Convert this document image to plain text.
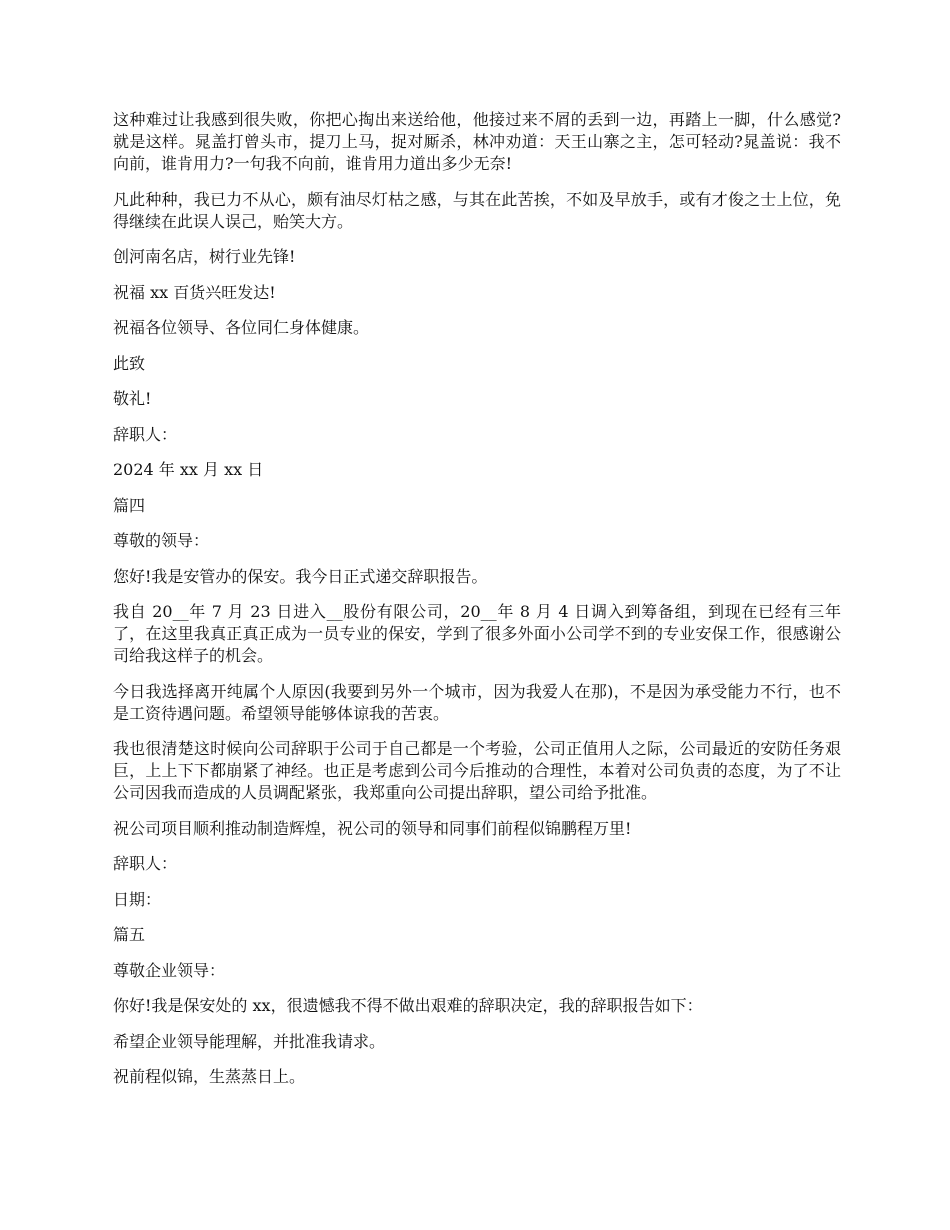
这种难过让我感到很失败，你把心掏出来送给他，他接过来不屑的丢到一边，再踏上一脚，什么感觉?就是这样。晁盖打曾头市，提刀上马，捉对厮杀，林冲劝道：天王山寨之主，怎可轻动?晁盖说：我不向前，谁肯用力?一句我不向前，谁肯用力道出多少无奈!

凡此种种，我已力不从心，颇有油尽灯枯之感，与其在此苦挨，不如及早放手，或有才俊之士上位，免得继续在此误人误己，贻笑大方。

创河南名店，树行业先锋!

祝福 xx 百货兴旺发达!

祝福各位领导、各位同仁身体健康。

此致

敬礼!

辞职人：

2024 年 xx 月 xx 日

篇四

尊敬的领导：

您好!我是安管办的保安。我今日正式递交辞职报告。

我自 20__年 7 月 23 日进入__股份有限公司，20__年 8 月 4 日调入到筹备组，到现在已经有三年了，在这里我真正真正成为一员专业的保安，学到了很多外面小公司学不到的专业安保工作，很感谢公司给我这样子的机会。

今日我选择离开纯属个人原因(我要到另外一个城市，因为我爱人在那)，不是因为承受能力不行，也不是工资待遇问题。希望领导能够体谅我的苦衷。

我也很清楚这时候向公司辞职于公司于自己都是一个考验，公司正值用人之际，公司最近的安防任务艰巨，上上下下都崩紧了神经。也正是考虑到公司今后推动的合理性，本着对公司负责的态度，为了不让公司因我而造成的人员调配紧张，我郑重向公司提出辞职，望公司给予批准。

祝公司项目顺利推动制造辉煌，祝公司的领导和同事们前程似锦鹏程万里!

辞职人：

日期：

篇五

尊敬企业领导：

你好!我是保安处的 xx，很遗憾我不得不做出艰难的辞职决定，我的辞职报告如下：

希望企业领导能理解，并批准我请求。

祝前程似锦，生蒸蒸日上。
